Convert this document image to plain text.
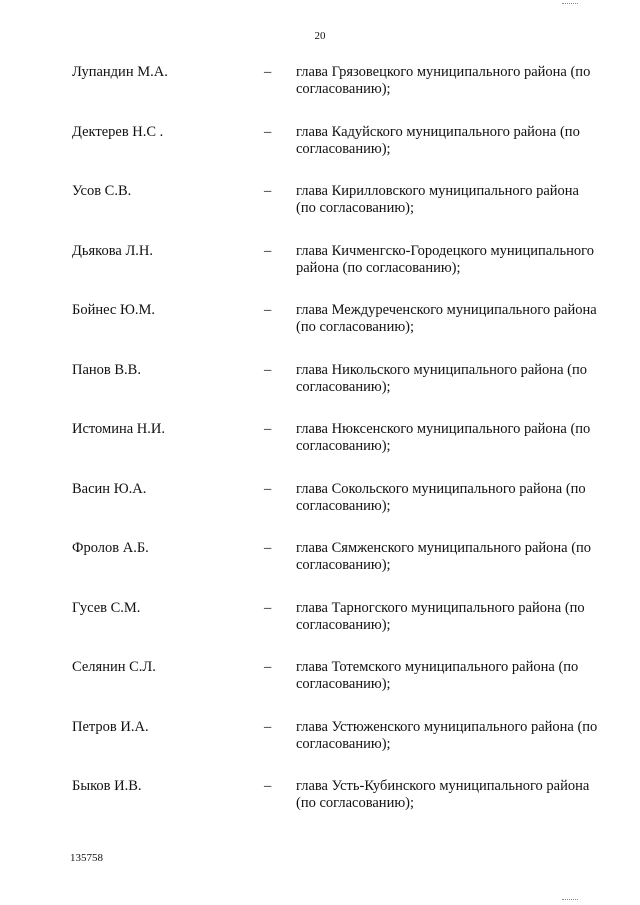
20
Лупандин М.А.	– глава Грязовецкого муниципального района (по согласованию);
Дектерев Н.С .	– глава Кадуйского муниципального района (по согласованию);
Усов С.В.	– глава Кирилловского муниципального района (по согласованию);
Дьякова Л.Н.	– глава Кичменгско-Городецкого муниципального района (по согласованию);
Бойнес Ю.М.	– глава Междуреченского муниципального района (по согласованию);
Панов В.В.	– глава Никольского муниципального района (по согласованию);
Истомина Н.И.	– глава Нюксенского муниципального района (по согласованию);
Васин Ю.А.	– глава Сокольского муниципального района (по согласованию);
Фролов А.Б.	– глава Сямженского муниципального района (по согласованию);
Гусев С.М.	– глава Тарногского муниципального района (по согласованию);
Селянин С.Л.	– глава Тотемского муниципального района (по согласованию);
Петров И.А.	– глава Устюженского муниципального района (по согласованию);
Быков И.В.	– глава Усть-Кубинского муниципального района (по согласованию);
135758
